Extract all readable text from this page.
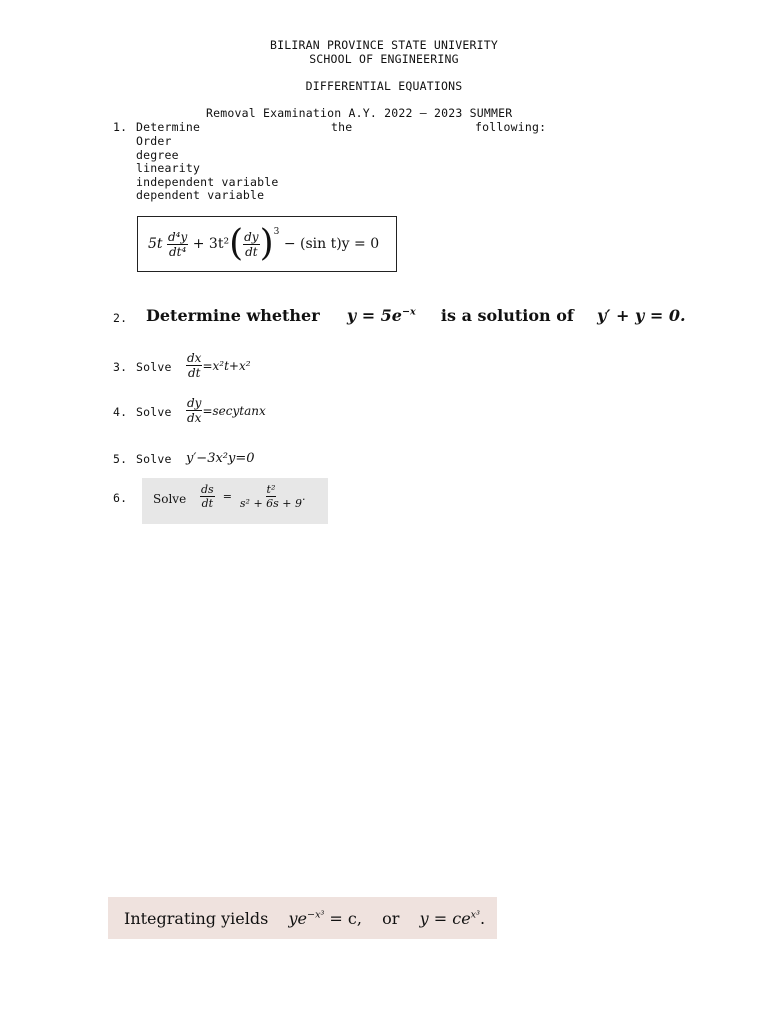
BILIRAN PROVINCE STATE UNIVERITY
SCHOOL OF ENGINEERING
DIFFERENTIAL EQUATIONS
Removal Examination A.Y. 2022 – 2023 SUMMER
1. Determine	the	following:
Order
degree
linearity
independent variable
dependent variable
5t
$\frac{\text{d⁴y}}{\text{dt⁴}}$
+ 3t² ( $\frac{dy}{dt} )^3$

− (sin t)y = 0
2. Determine whether $y = 5e^{-x}$ is a solution of y′ + y = 0.
3. Solve $\frac{dx}{dt} =x^2t+x^2$
4. Solve $\frac{dy}{dx}$ =secytanx
5. Solve y′−3x²y=0
6. Solve $\frac{ds}{dt} = \frac{\text{t²}}{\text{s² + 6s + 9}}$ .
Integrating yields $ye^{-x^3} = c$, or $y = ce^{x^3}$.
